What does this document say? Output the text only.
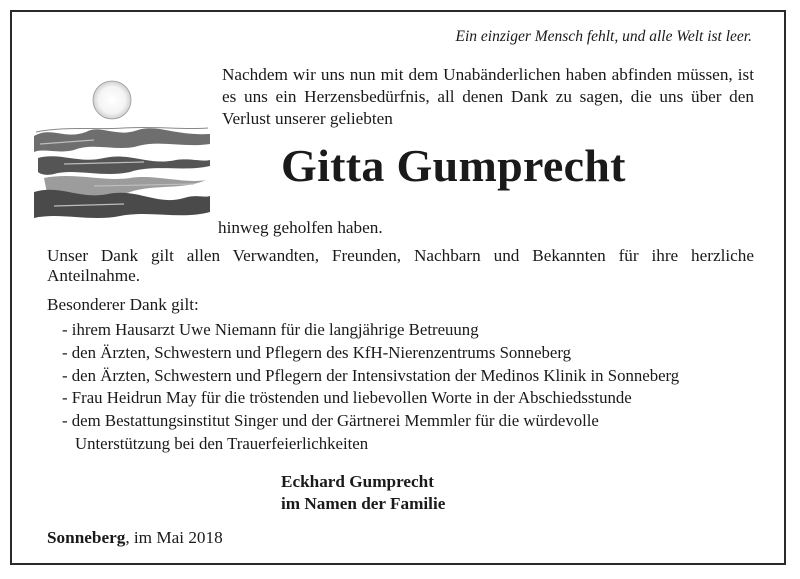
Ein einziger Mensch fehlt, und alle Welt ist leer.
Nachdem wir uns nun mit dem Unabänderlichen haben abfinden müssen, ist es uns ein Herzensbedürfnis, all denen Dank zu sagen, die uns über den Verlust unserer geliebten
Gitta Gumprecht
hinweg geholfen haben.
Unser Dank gilt allen Verwandten, Freunden, Nachbarn und Bekannten für ihre herzliche Anteilnahme.
Besonderer Dank gilt:
- ihrem Hausarzt Uwe Niemann für die langjährige Betreuung
- den Ärzten, Schwestern und Pflegern des KfH-Nierenzentrums Sonneberg
- den Ärzten, Schwestern und Pflegern der Intensivstation der Medinos Klinik in Sonneberg
- Frau Heidrun May für die tröstenden und liebevollen Worte in der Abschiedsstunde
- dem Bestattungsinstitut Singer und der Gärtnerei Memmler für die würdevolle
Unterstützung bei den Trauerfeierlichkeiten
Eckhard Gumprecht
im Namen der Familie
Sonneberg, im Mai 2018
